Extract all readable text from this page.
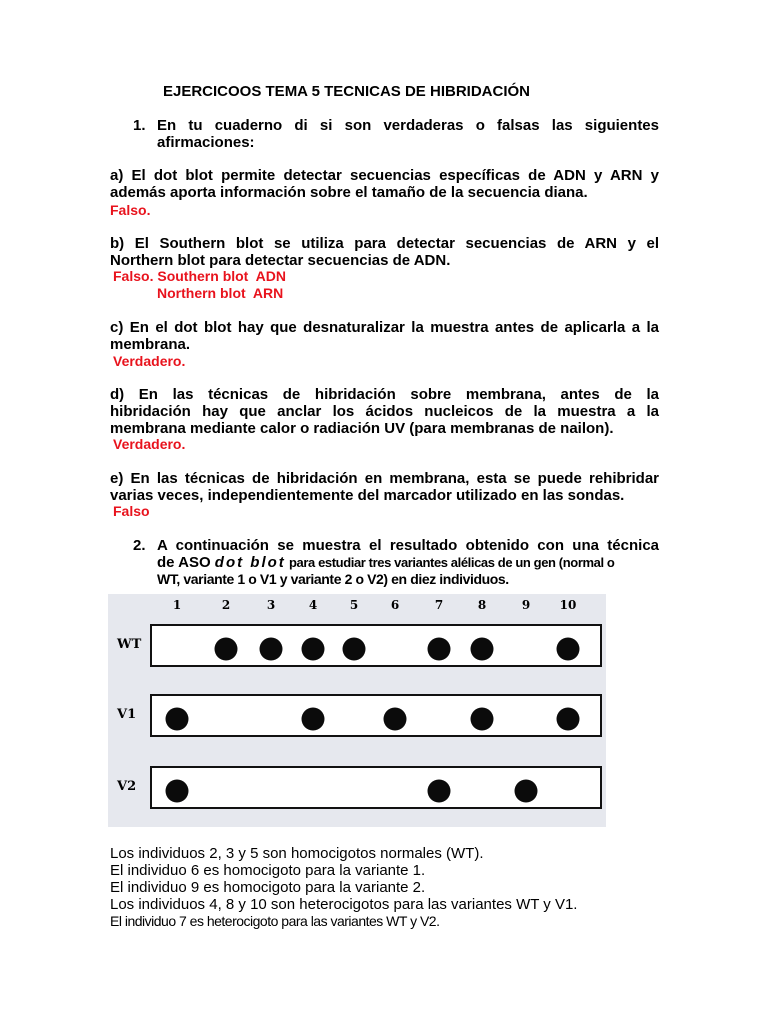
EJERCICOOS TEMA 5 TECNICAS DE HIBRIDACIÓN
1. En tu cuaderno di si son verdaderas o falsas las siguientes
afirmaciones:
a) El dot blot permite detectar secuencias específicas de ADN y ARN y
además aporta información sobre el tamaño de la secuencia diana.
Falso.
b) El Southern blot se utiliza para detectar secuencias de ARN y el
Northern blot para detectar secuencias de ADN.
Falso. Southern blot  ADN
Northern blot  ARN
c) En el dot blot hay que desnaturalizar la muestra antes de aplicarla a la
membrana.
Verdadero.
d) En las técnicas de hibridación sobre membrana, antes de la
hibridación hay que anclar los ácidos nucleicos de la muestra a la
membrana mediante calor o radiación UV (para membranas de nailon).
Verdadero.
e) En las técnicas de hibridación en membrana, esta se puede rehibridar
varias veces, independientemente del marcador utilizado en las sondas.
Falso
2. A continuación se muestra el resultado obtenido con una técnica
de ASO dot blot para estudiar tres variantes alélicas de un gen (normal o
WT, variante 1 o V1 y variante 2 o V2) en diez individuos.
1	2	3	4	5	6	7	8	9 10
WT
V1
V2
Los individuos 2, 3 y 5 son homocigotos normales (WT).
El individuo 6 es homocigoto para la variante 1.
El individuo 9 es homocigoto para la variante 2.
Los individuos 4, 8 y 10 son heterocigotos para las variantes WT y V1.
El individuo 7 es heterocigoto para las variantes WT y V2.
